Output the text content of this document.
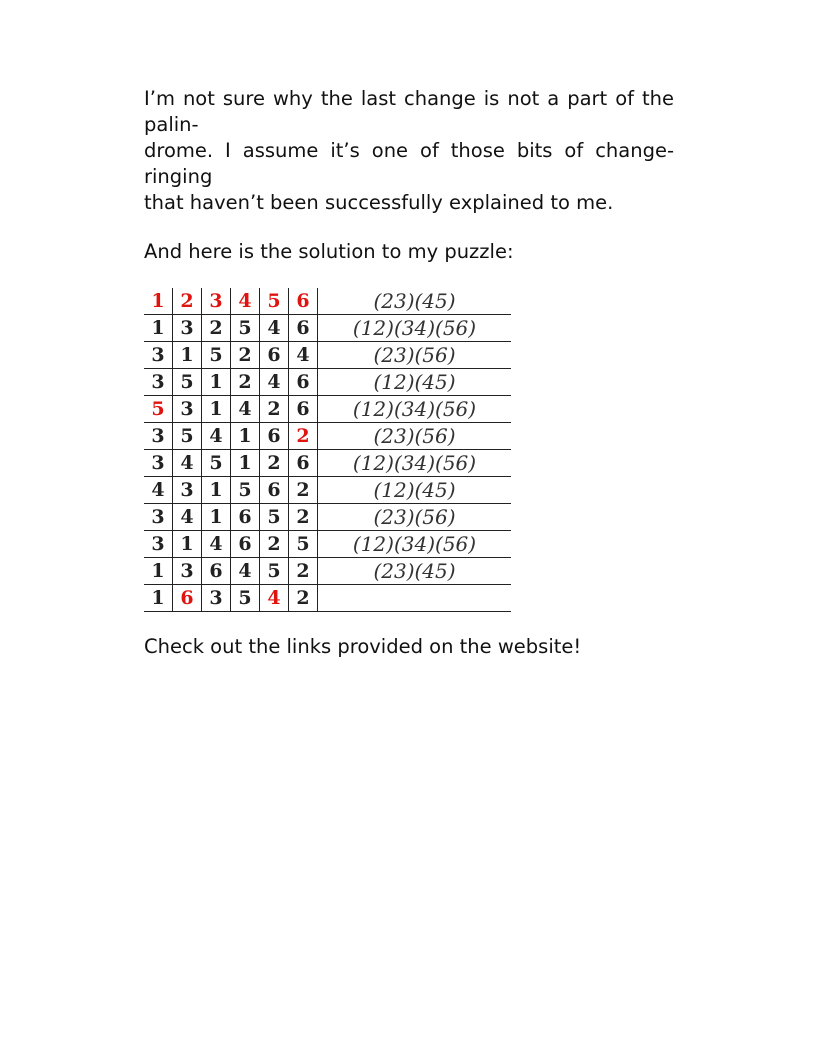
I’m not sure why the last change is not a part of the palin-
drome. I assume it’s one of those bits of change-ringing
that haven’t been successfully explained to me.

And here is the solution to my puzzle:

1	2	3	4	5	6	(23)(45)
1	3	2	5	4	6	(12)(34)(56)
3	1	5	2	6	4	(23)(56)
3	5	1	2	4	6	(12)(45)
5	3	1	4	2	6	(12)(34)(56)
3	5	4	1	6	2	(23)(56)
3	4	5	1	2	6	(12)(34)(56)
4	3	1	5	6	2	(12)(45)
3	4	1	6	5	2	(23)(56)
3	1	4	6	2	5	(12)(34)(56)
1	3	6	4	5	2	(23)(45)
1	6	3	5	4	2	

Check out the links provided on the website!
